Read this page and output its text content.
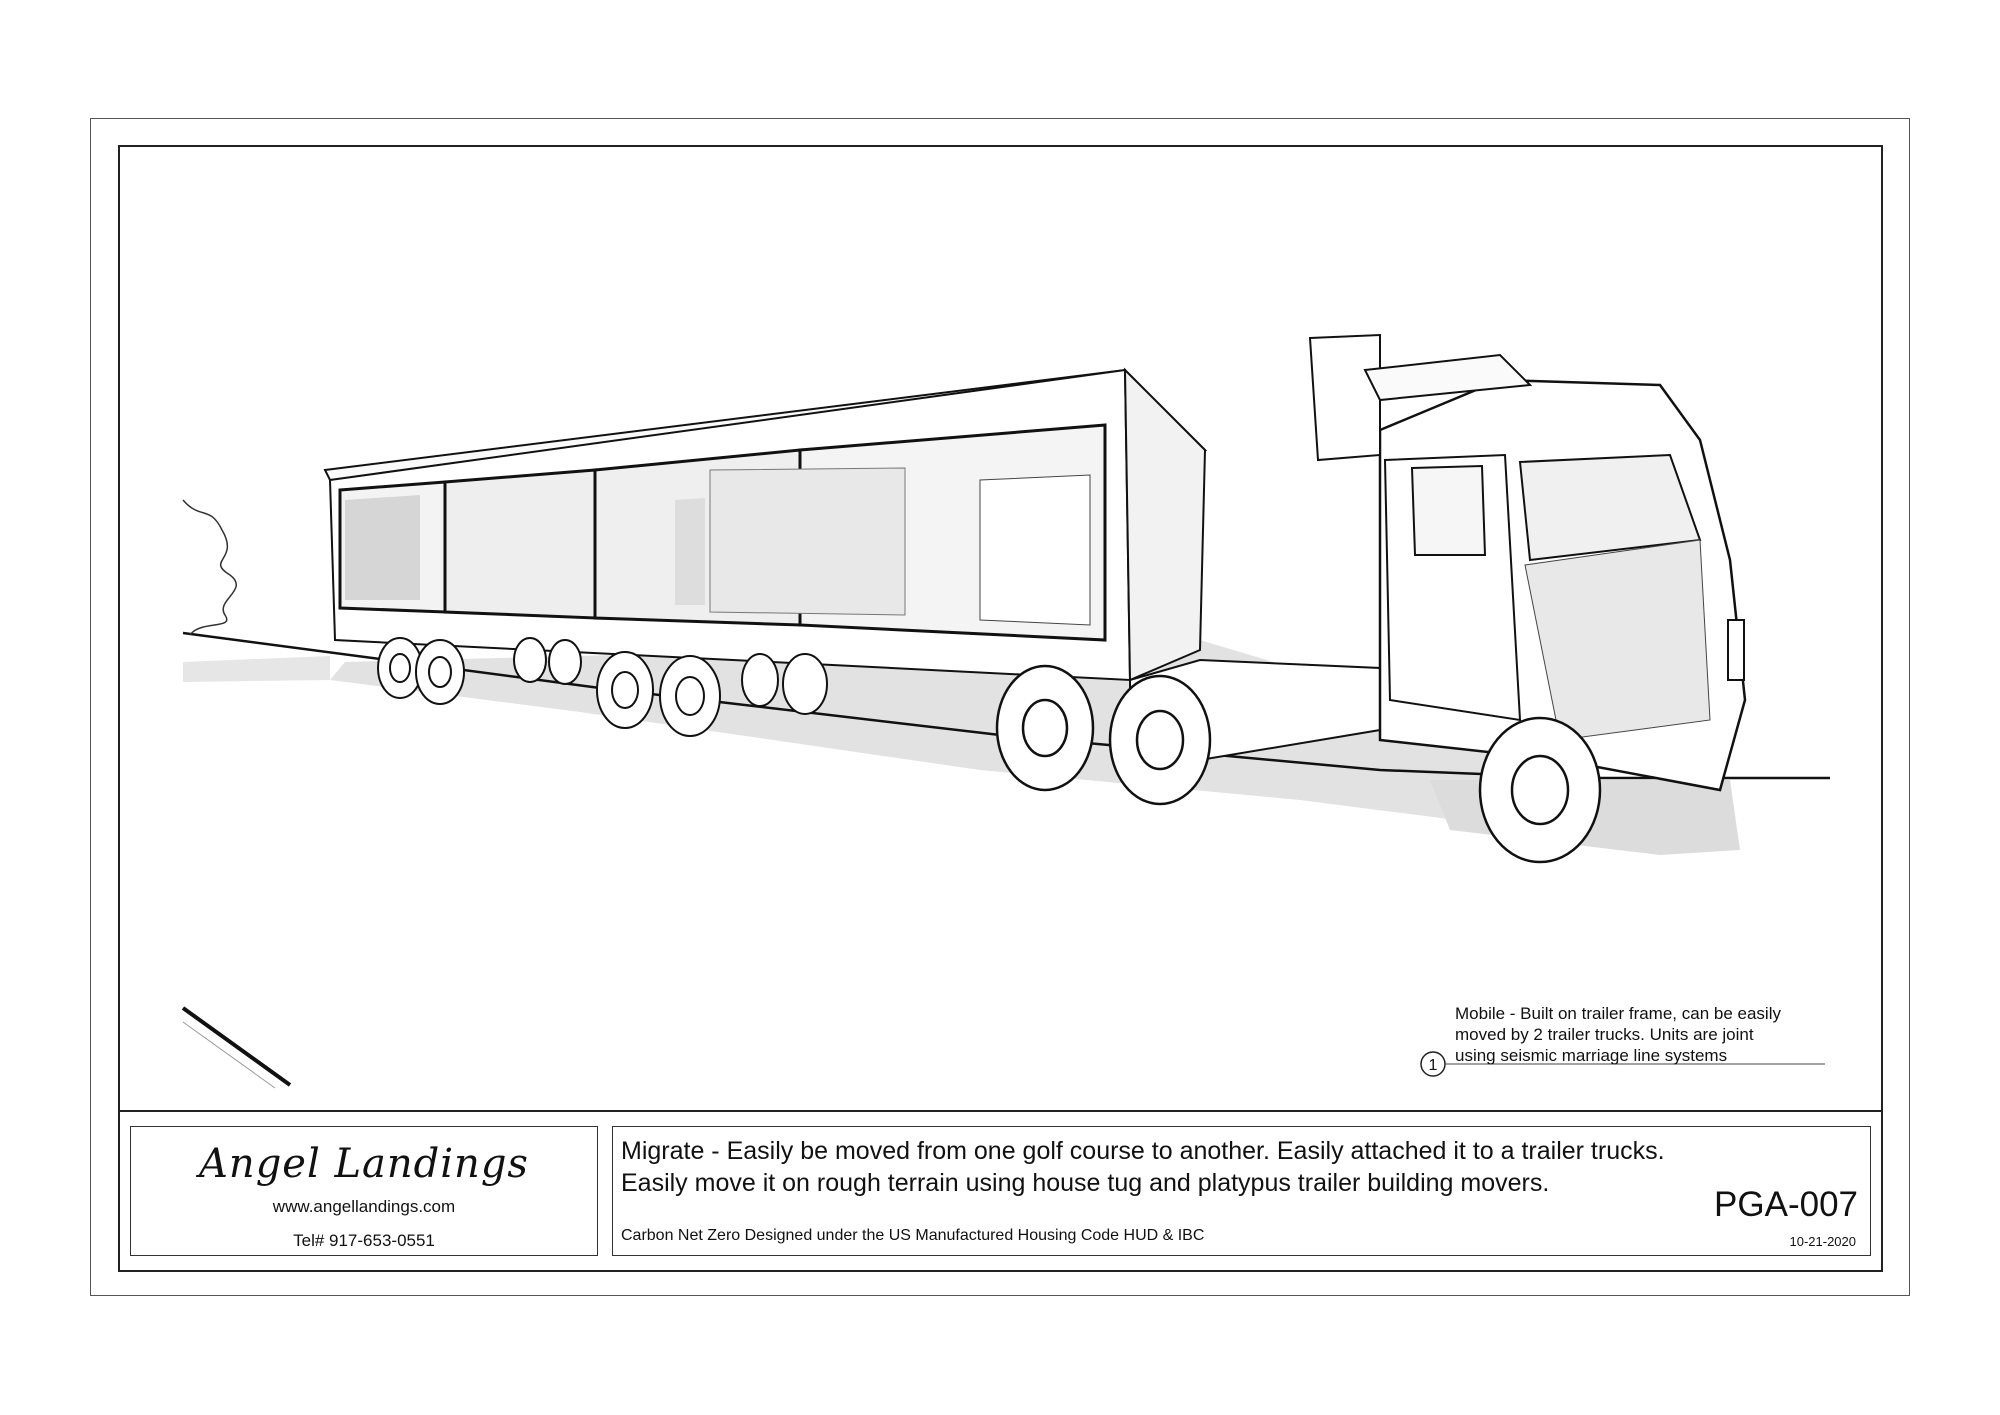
1
Mobile - Built on trailer frame, can be easily
moved by 2 trailer trucks. Units are joint
using seismic marriage line systems
Angel Landings
www.angellandings.com
Tel# 917-653-0551
Migrate - Easily be moved from one golf course to another. Easily attached it to a trailer trucks.
Easily move it on rough terrain using house tug and platypus trailer building movers.
Carbon Net Zero Designed under the US Manufactured Housing Code HUD & IBC
PGA-007
10-21-2020
